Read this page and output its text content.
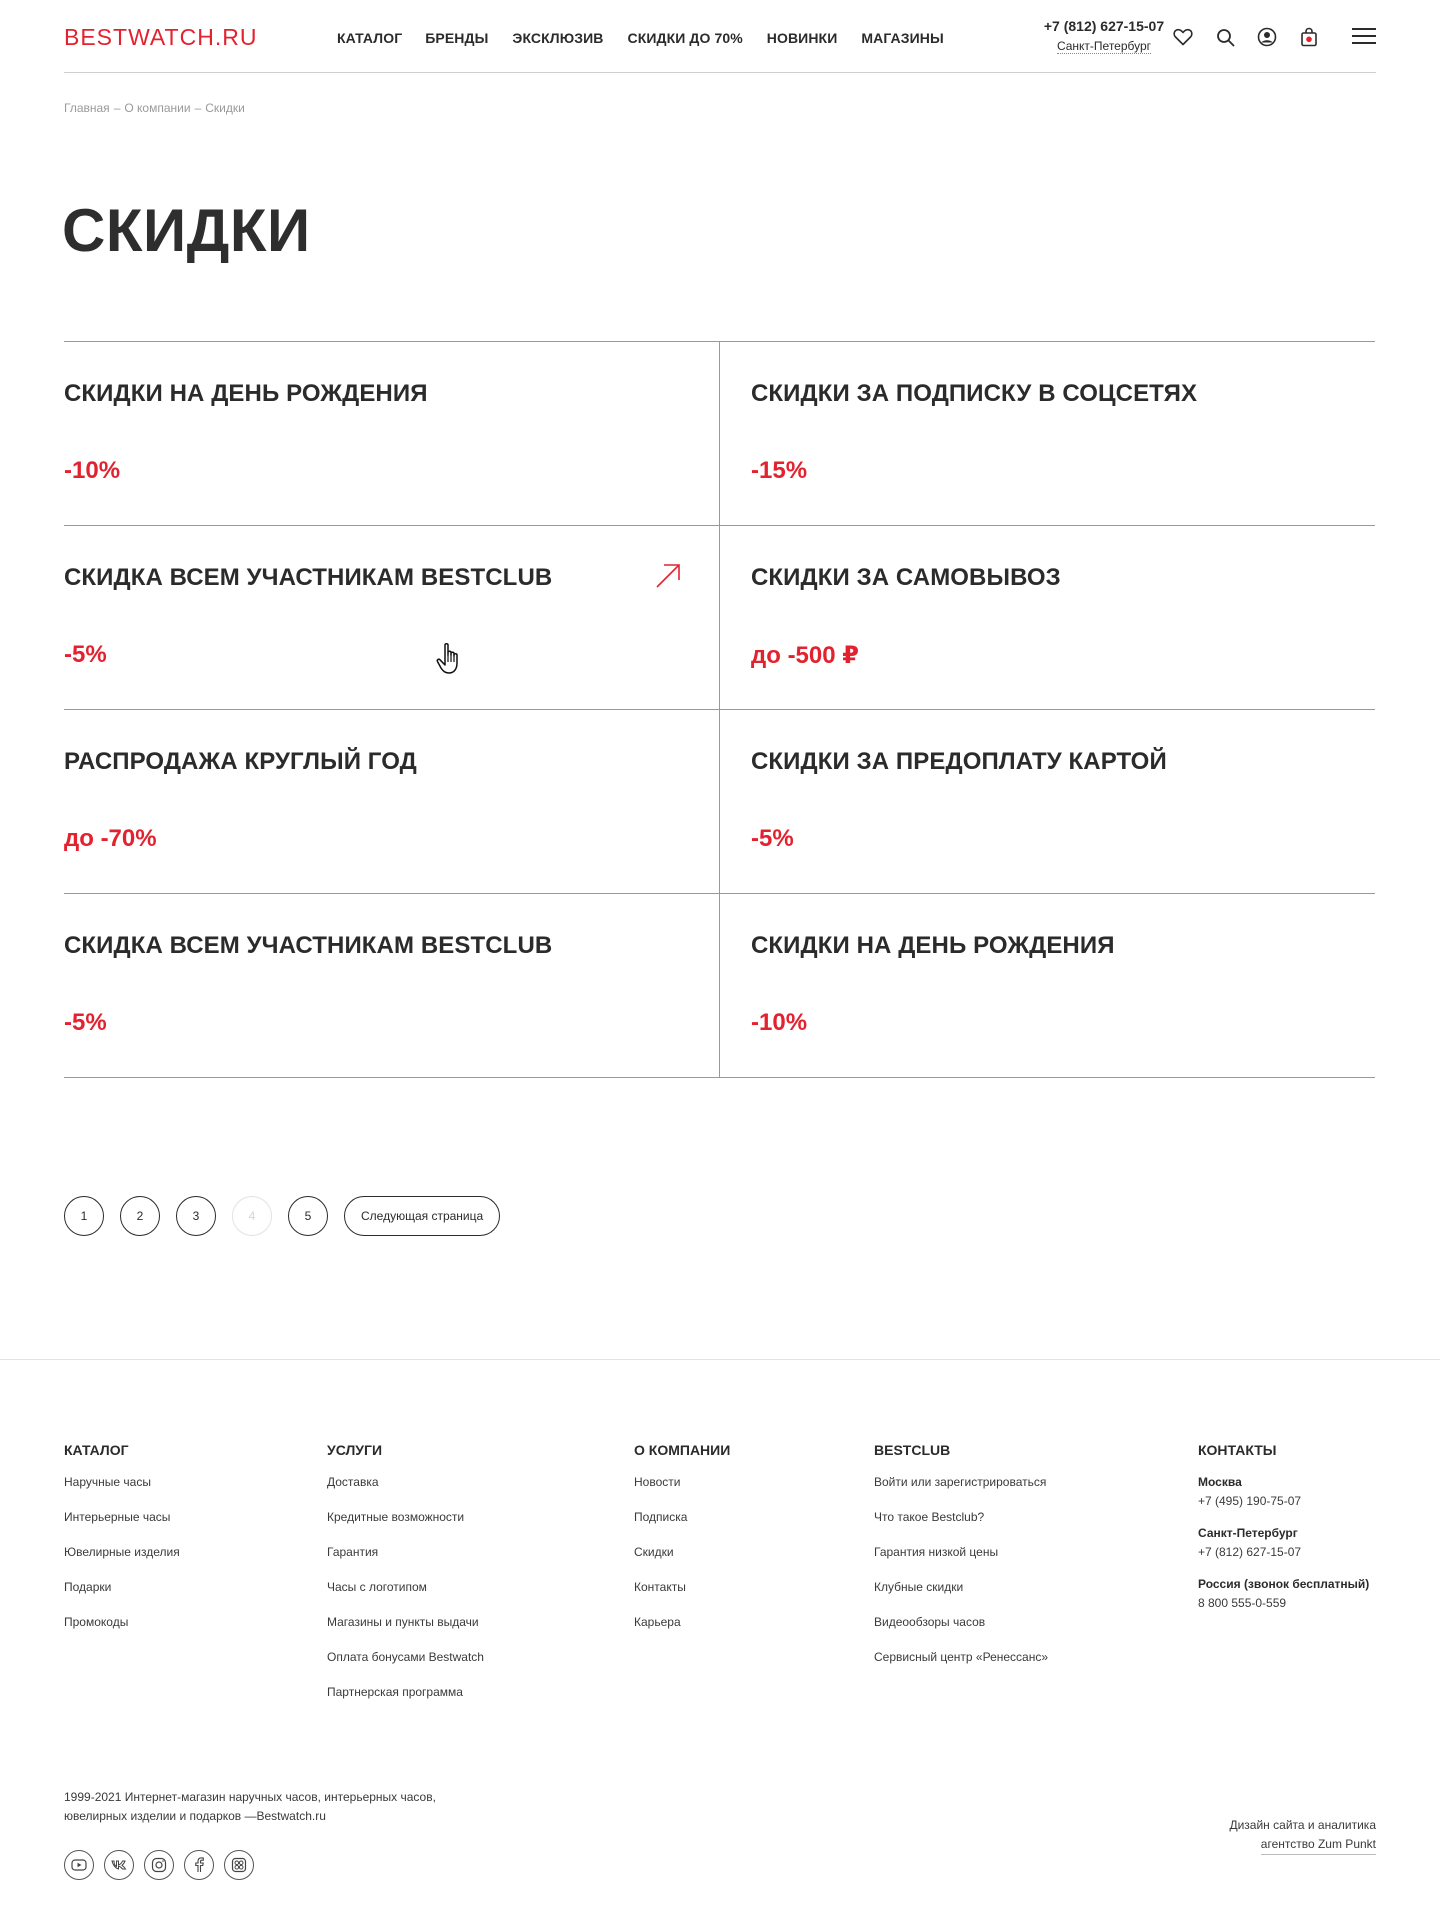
BESTWATCH.RU	КАТАЛОГ БРЕНДЫ ЭКСКЛЮЗИВ СКИДКИ ДО 70% НОВИНКИ МАГАЗИНЫ
+7 (812) 627-15-07
Санкт-Петербург
Главная – О компании – Скидки
СКИДКИ
СКИДКИ НА ДЕНЬ РОЖДЕНИЯ
-10%
СКИДКИ ЗА ПОДПИСКУ В СОЦСЕТЯХ
-15%
СКИДКА ВСЕМ УЧАСТНИКАМ BESTCLUB
-5%
СКИДКИ ЗА САМОВЫВОЗ
до -500 ₽
РАСПРОДАЖА КРУГЛЫЙ ГОД
до -70%
СКИДКИ ЗА ПРЕДОПЛАТУ КАРТОЙ
-5%
СКИДКА ВСЕМ УЧАСТНИКАМ BESTCLUB
-5%
СКИДКИ НА ДЕНЬ РОЖДЕНИЯ
-10%
1	2	3	4	5	Следующая страница
КАТАЛОГ
Наручные часы
Интерьерные часы
Ювелирные изделия
Подарки
Промокоды
УСЛУГИ
Доставка
Кредитные возможности
Гарантия
Часы с логотипом
Магазины и пункты выдачи
Оплата бонусами Bestwatch
Партнерская программа
О КОМПАНИИ
Новости
Подписка
Скидки
Контакты
Карьера
BESTCLUB
Войти или зарегистрироваться
Что такое Bestclub?
Гарантия низкой цены
Клубные скидки
Видеообзоры часов
Сервисный центр «Ренессанс»
КОНТАКТЫ
Москва
+7 (495) 190-75-07
Санкт-Петербург
+7 (812) 627-15-07
Россия (звонок бесплатный)
8 800 555-0-559
1999-2021 Интернет-магазин наручных часов, интерьерных часов, ювелирных изделии и подарков —Bestwatch.ru
Дизайн сайта и аналитика
агентство Zum Punkt
